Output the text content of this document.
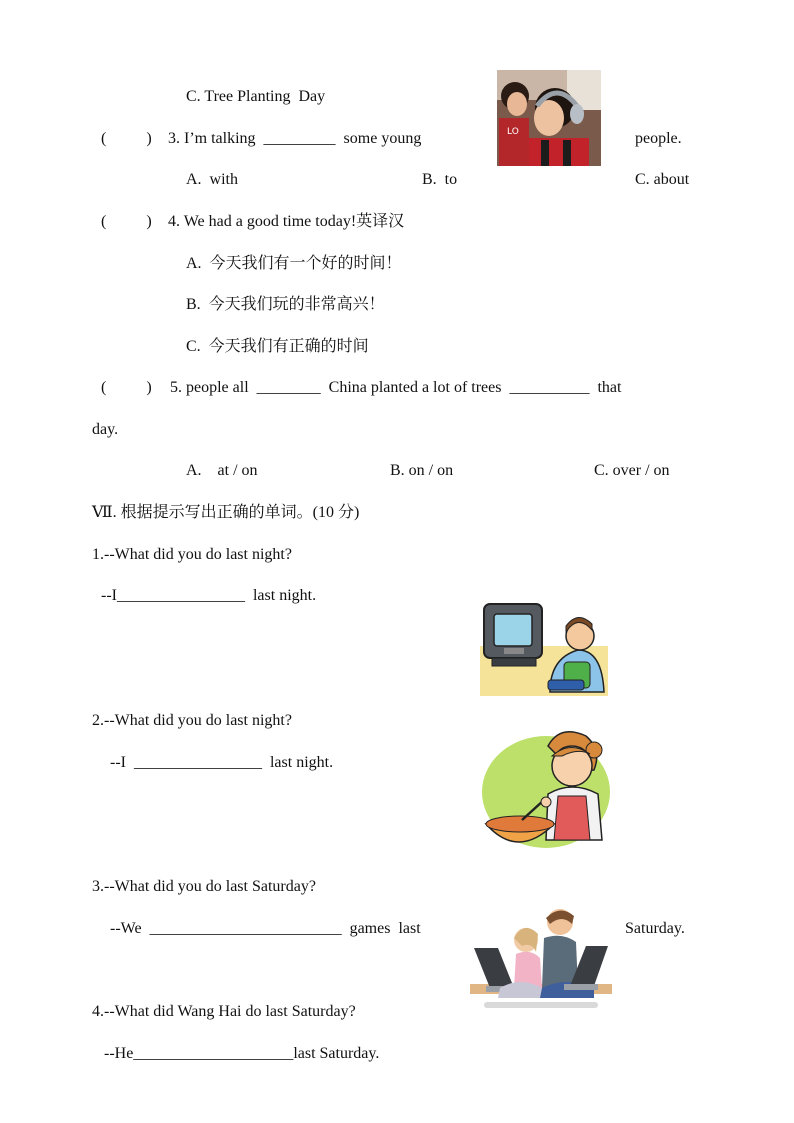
C. Tree Planting  Day
LO
(          ) 3. I’m talking  _________  some young	people.
A.  with	B.  to	C. about
(          ) 4. We had a good time today!英译汉
A.  今天我们有一个好的时间！
B.  今天我们玩的非常高兴！
C.  今天我们有正确的时间
(          ) 5. people all  ________  China planted a lot of trees  __________  that
day.
A.    at / on	B. on / on	C. over / on
Ⅶ. 根据提示写出正确的单词。(10 分)
1.--What did you do last night?
--I________________  last night.
2.--What did you do last night?
--I  ________________  last night.
3.--What did you do last Saturday?
--We  ________________________  games  last	Saturday.
4.--What did Wang Hai do last Saturday?
--He____________________last Saturday.
